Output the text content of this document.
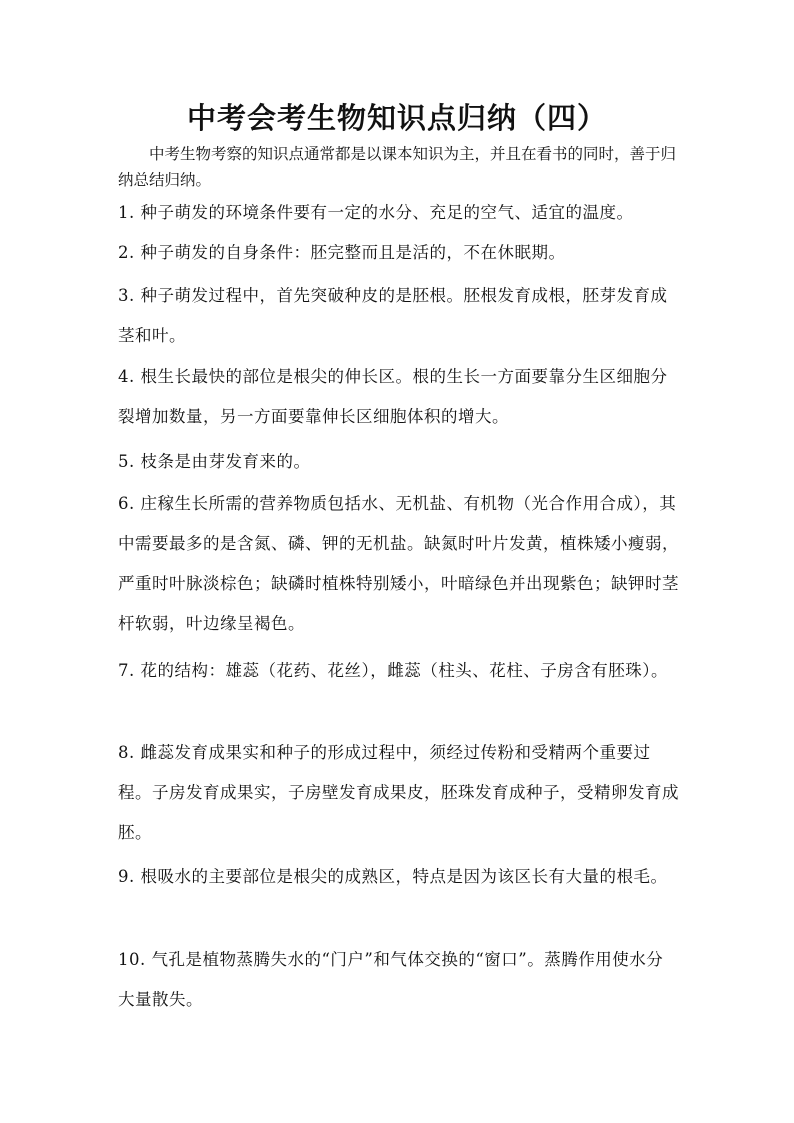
中考会考生物知识点归纳（四）
中考生物考察的知识点通常都是以课本知识为主，并且在看书的同时，善于归纳总结归纳。
1. 种子萌发的环境条件要有一定的水分、充足的空气、适宜的温度。
2. 种子萌发的自身条件：胚完整而且是活的，不在休眠期。
3. 种子萌发过程中，首先突破种皮的是胚根。胚根发育成根，胚芽发育成茎和叶。
4. 根生长最快的部位是根尖的伸长区。根的生长一方面要靠分生区细胞分裂增加数量，另一方面要靠伸长区细胞体积的增大。
5. 枝条是由芽发育来的。
6. 庄稼生长所需的营养物质包括水、无机盐、有机物（光合作用合成），其中需要最多的是含氮、磷、钾的无机盐。缺氮时叶片发黄，植株矮小瘦弱，严重时叶脉淡棕色；缺磷时植株特别矮小，叶暗绿色并出现紫色；缺钾时茎杆软弱，叶边缘呈褐色。
7. 花的结构：雄蕊（花药、花丝），雌蕊（柱头、花柱、子房含有胚珠）。
8. 雌蕊发育成果实和种子的形成过程中，须经过传粉和受精两个重要过程。子房发育成果实，子房壁发育成果皮，胚珠发育成种子，受精卵发育成胚。
9. 根吸水的主要部位是根尖的成熟区，特点是因为该区长有大量的根毛。
10. 气孔是植物蒸腾失水的“门户”和气体交换的“窗口”。蒸腾作用使水分大量散失。
